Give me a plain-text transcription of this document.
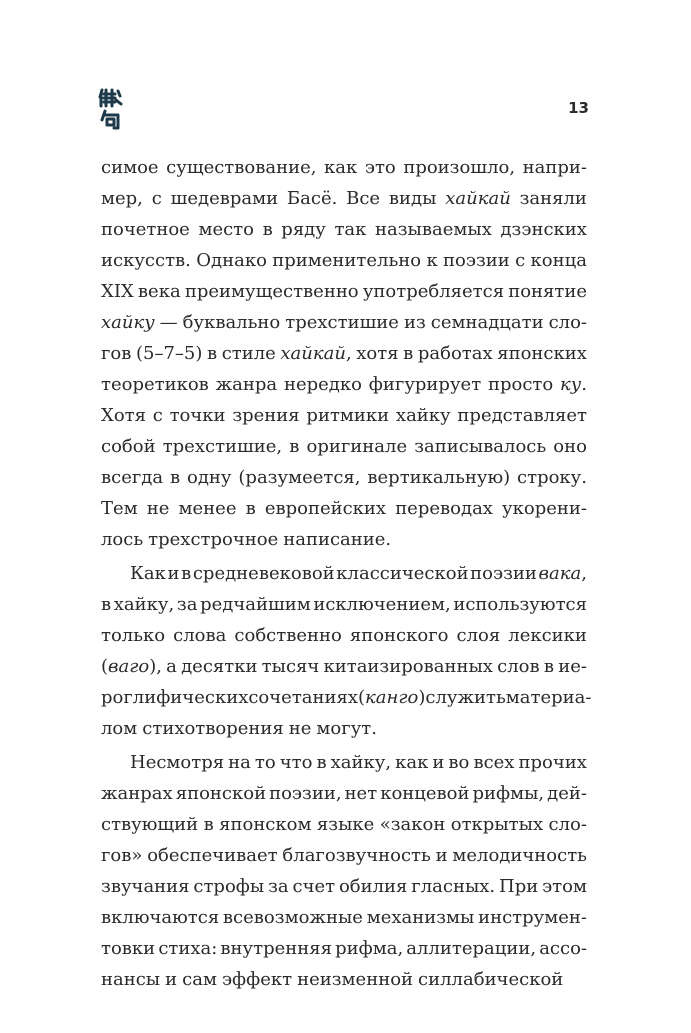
13
симое существование, как это произошло, напри-
мер, с шедеврами Басё. Все виды хайкай заняли
почетное место в ряду так называемых дзэнских
искусств. Однако применительно к поэзии с конца
XIX века преимущественно употребляется понятие
хайку — буквально трехстишие из семнадцати сло-
гов (5–7–5) в стиле хайкай, хотя в работах японских
теоретиков жанра нередко фигурирует просто ку.
Хотя с точки зрения ритмики хайку представляет
собой трехстишие, в оригинале записывалось оно
всегда в одну (разумеется, вертикальную) строку.
Тем не менее в европейских переводах укорени-
лось трехстрочное написание.
Как и в средневековой классической поэзии вака,
в хайку, за редчайшим исключением, используются
только слова собственно японского слоя лексики
(ваго), а десятки тысяч китаизированных слов в ие-
роглифических сочетаниях (канго) служить материа-
лом стихотворения не могут.
Несмотря на то что в хайку, как и во всех прочих
жанрах японской поэзии, нет концевой рифмы, дей-
ствующий в японском языке «закон открытых сло-
гов» обеспечивает благозвучность и мелодичность
звучания строфы за счет обилия гласных. При этом
включаются всевозможные механизмы инструмен-
товки стиха: внутренняя рифма, аллитерации, ассо-
нансы и сам эффект неизменной силлабической
